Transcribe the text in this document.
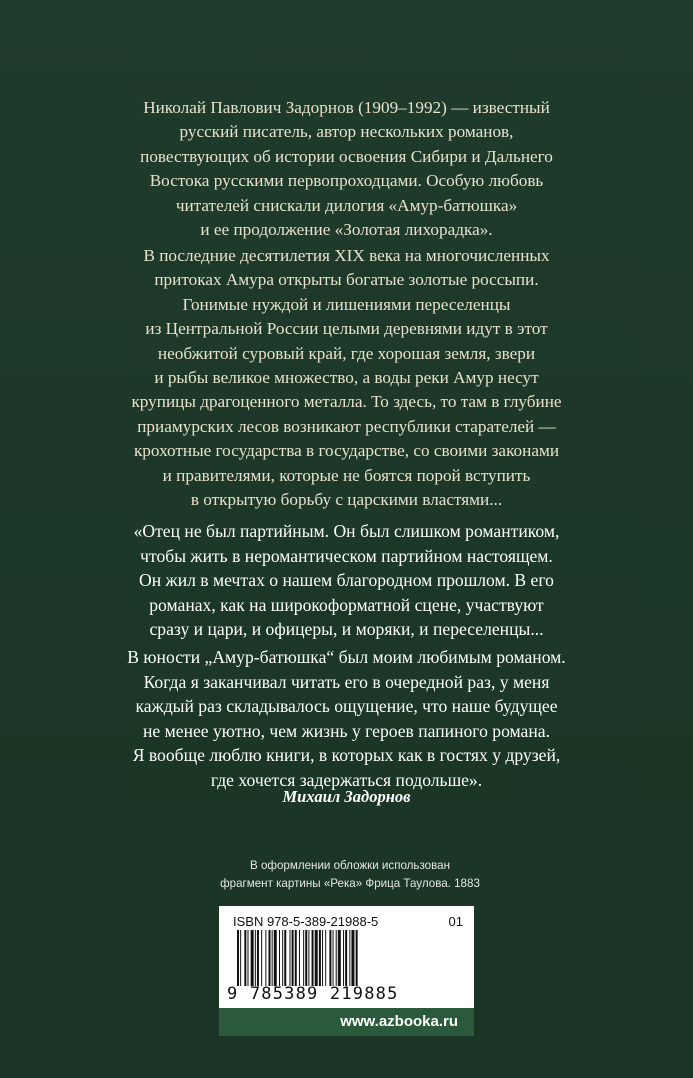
Николай Павлович Задорнов (1909–1992) — известный

русский писатель, автор нескольких романов,

повествующих об истории освоения Сибири и Дальнего

Востока русскими первопроходцами. Особую любовь

читателей снискали дилогия «Амур-батюшка»

и ее продолжение «Золотая лихорадка».

В последние десятилетия XIX века на многочисленных

притоках Амура открыты богатые золотые россыпи.

Гонимые нуждой и лишениями переселенцы

из Центральной России целыми деревнями идут в этот

необжитой суровый край, где хорошая земля, звери

и рыбы великое множество, а воды реки Амур несут

крупицы драгоценного металла. То здесь, то там в глубине

приамурских лесов возникают республики старателей —

крохотные государства в государстве, со своими законами

и правителями, которые не боятся порой вступить

в открытую борьбу с царскими властями...

«Отец не был партийным. Он был слишком романтиком,

чтобы жить в неромантическом партийном настоящем.

Он жил в мечтах о нашем благородном прошлом. В его

романах, как на широкоформатной сцене, участвуют

сразу и цари, и офицеры, и моряки, и переселенцы...

В юности „Амур-батюшка“ был моим любимым романом.

Когда я заканчивал читать его в очередной раз, у меня

каждый раз складывалось ощущение, что наше будущее

не менее уютно, чем жизнь у героев папиного романа.

Я вообще люблю книги, в которых как в гостях у друзей,

где хочется задержаться подольше».

Михаил Задорнов
В оформлении обложки использован
фрагмент картины «Река» Фрица Таулова. 1883
ISBN 978-5-389-21988-5	01
9 785389 219885
www.azbooka.ru
